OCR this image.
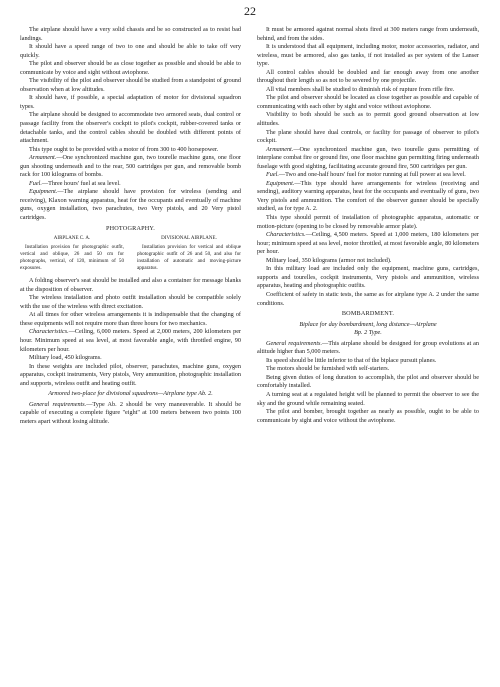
22

The airplane should have a very solid chassis and be so constructed as to resist bad landings.

It should have a speed range of two to one and should be able to take off very quickly.

The pilot and observer should be as close together as possible and should be able to communicate by voice and sight without aviophone.

The visibility of the pilot and observer should be studied from a standpoint of ground observation when at low altitudes.

It should have, if possible, a special adaptation of motor for divisional squadron types.

The airplane should be designed to accommodate two armored seats, dual control or passage facility from the observer's cockpit to pilot's cockpit, rubber-covered tanks or detachable tanks, and the control cables should be doubled with different points of attachment.

This type ought to be provided with a motor of from 300 to 400 horsepower.

Armament.—One synchronized machine gun, two tourelle machine guns, one floor gun shooting underneath and to the rear, 500 cartridges per gun, and removable bomb rack for 100 kilograms of bombs.

Fuel.—Three hours' fuel at sea level.

Equipment.—The airplane should have provision for wireless (sending and receiving), Klaxon warning apparatus, heat for the occupants and eventually of machine guns, oxygen installation, two parachutes, two Very pistols, and 20 Very pistol cartridges.

PHOTOGRAPHY.

AIRPLANE C. A.
Installation provision for photographic outfit, vertical and oblique, 26 and 50 cm for photographs, vertical, of 120, minimum of 50 exposures.
DIVISIONAL AIRPLANE.
Installation provision for vertical and oblique photographic outfit of 26 and 50, and also for installation of automatic and moving-picture apparatus.

A folding observer's seat should be installed and also a container for message blanks at the disposition of observer.

The wireless installation and photo outfit installation should be compatible solely with the use of the wireless with direct excitation.

At all times for other wireless arrangements it is indispensable that the changing of these equipments will not require more than three hours for two mechanics.

Characteristics.—Ceiling, 6,000 meters. Speed at 2,000 meters, 200 kilometers per hour. Minimum speed at sea level, at most favorable angle, with throttled engine, 90 kilometers per hour.

Military load, 450 kilograms.

In these weights are included pilot, observer, parachutes, machine guns, oxygen apparatus, cockpit instruments, Very pistols, Very ammunition, photographic installation and supports, wireless outfit and heating outfit.

Armored two-place for divisional squadrons—Airplane type Ab. 2.

General requirements.—Type Ab. 2 should be very maneuverable. It should be capable of executing a complete figure "eight" at 100 meters between two points 100 meters apart without losing altitude.

It must be armored against normal shots fired at 300 meters range from underneath, behind, and from the sides.

It is understood that all equipment, including motor, motor accessories, radiator, and wireless, must be armored, also gas tanks, if not installed as per system of the Lanser type.

All control cables should be doubled and far enough away from one another throughout their length so as not to be severed by one projectile.

All vital members shall be studied to diminish risk of rupture from rifle fire.

The pilot and observer should be located as close together as possible and capable of communicating with each other by sight and voice without aviophone.

Visibility to both should be such as to permit good ground observation at low altitudes.

The plane should have dual controls, or facility for passage of observer to pilot's cockpit.

Armament.—One synchronized machine gun, two tourelle guns permitting of interplane combat fire or ground fire, one floor machine gun permitting firing underneath fuselage with good sighting, facilitating accurate ground fire, 500 cartridges per gun.

Fuel.—Two and one-half hours' fuel for motor running at full power at sea level.

Equipment.—This type should have arrangements for wireless (receiving and sending), auditory warning apparatus, heat for the occupants and eventually of guns, two Very pistols and ammunition. The comfort of the observer gunner should be specially studied, as for type A. 2.

This type should permit of installation of photographic apparatus, automatic or motion-picture (opening to be closed by removable armor plate).

Characteristics.—Ceiling, 4,500 meters. Speed at 1,000 meters, 180 kilometers per hour; minimum speed at sea level, motor throttled, at most favorable angle, 80 kilometers per hour.

Military load, 350 kilograms (armor not included).

In this military load are included only the equipment, machine guns, cartridges, supports and tourelles, cockpit instruments, Very pistols and ammunition, wireless apparatus, heating and photographic outfits.

Coefficient of safety in static tests, the same as for airplane type A. 2 under the same conditions.

BOMBARDMENT.

Biplace for day bombardment, long distance—Airplane
Bp. 2 Type.

General requirements.—This airplane should be designed for group evolutions at an altitude higher than 5,000 meters.

Its speed should be little inferior to that of the biplace pursuit planes.

The motors should be furnished with self-starters.

Being given duties of long duration to accomplish, the pilot and observer should be comfortably installed.

A turning seat at a regulated height will be planned to permit the observer to see the sky and the ground while remaining seated.

The pilot and bomber, brought together as nearly as possible, ought to be able to communicate by sight and voice without the aviophone.
